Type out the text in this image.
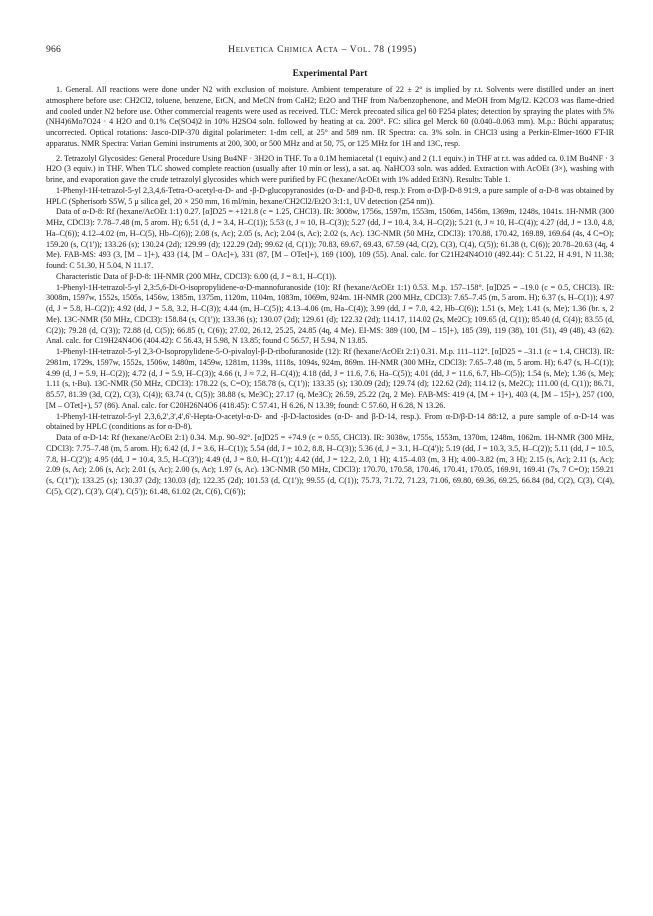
966	Helvetica Chimica Acta – Vol. 78 (1995)
Experimental Part

1. General. All reactions were done under N2 with exclusion of moisture. Ambient temperature of 22 ± 2° is implied by r.t. Solvents were distilled under an inert atmosphere before use: CH2Cl2, toluene, benzene, EtCN, and MeCN from CaH2; Et2O and THF from Na/benzophenone, and MeOH from Mg/I2. K2CO3 was flame-dried and cooled under N2 before use. Other commercial reagents were used as received. TLC: Merck precoated silica gel 60 F254 plates; detection by spraying the plates with 5% (NH4)6Mo7O24 · 4 H2O and 0.1% Ce(SO4)2 in 10% H2SO4 soln. followed by heating at ca. 200°. FC: silica gel Merck 60 (0.040–0.063 mm). M.p.: Büchi apparatus; uncorrected. Optical rotations: Jasco-DIP-370 digital polarimeter: 1-dm cell, at 25° and 589 nm. IR Spectra: ca. 3% soln. in CHCl3 using a Perkin-Elmer-1600 FT-IR apparatus. NMR Spectra: Varian Gemini instruments at 200, 300, or 500 MHz and at 50, 75, or 125 MHz for 1H and 13C, resp.

2. Tetrazolyl Glycosides: General Procedure Using Bu4NF · 3H2O in THF. To a 0.1M hemiacetal (1 equiv.) and 2 (1.1 equiv.) in THF at r.t. was added ca. 0.1M Bu4NF · 3 H2O (3 equiv.) in THF. When TLC showed complete reaction (usually after 10 min or less), a sat. aq. NaHCO3 soln. was added. Extraction with AcOEt (3×), washing with brine, and evaporation gave the crude tetrazolyl glycosides which were purified by FC (hexane/AcOEt with 1% added Et3N). Results: Table 1.

1-Phenyl-1H-tetrazol-5-yl 2,3,4,6-Tetra-O-acetyl-α-D- and -β-D-glucopyranosides (α-D- and β-D-8, resp.): From α-D/β-D-8 91:9, a pure sample of α-D-8 was obtained by HPLC (Spherisorb S5W, 5 μ silica gel, 20 × 250 mm, 16 ml/min, hexane/CH2Cl2/Et2O 3:1:1, UV detection (254 nm)).

Data of α-D-8: Rf (hexane/AcOEt 1:1) 0.27. [α]D25 = +121.8 (c = 1.25, CHCl3). IR: 3008w, 1756s, 1597m, 1553m, 1506m, 1456m, 1369m, 1248s, 1041s. 1H-NMR (300 MHz, CDCl3): 7.78–7.48 (m, 5 arom. H); 6.51 (d, J = 3.4, H–C(1)); 5.53 (t, J ≈ 10, H–C(3)); 5.27 (dd, J = 10.4, 3.4, H–C(2)); 5.21 (t, J ≈ 10, H–C(4)); 4.27 (dd, J = 13.0, 4.8, Ha–C(6)); 4.12–4.02 (m, H–C(5), Hb–C(6)); 2.08 (s, Ac); 2.05 (s, Ac); 2.04 (s, Ac); 2.02 (s, Ac). 13C-NMR (50 MHz, CDCl3): 170.88, 170.42, 169.89, 169.64 (4s, 4 C=O); 159.20 (s, C(1')); 133.26 (s); 130.24 (2d); 129.99 (d); 122.29 (2d); 99.62 (d, C(1)); 70.83, 69.67, 69.43, 67.59 (4d, C(2), C(3), C(4), C(5)); 61.38 (t, C(6)); 20.78–20.63 (4q, 4 Me). FAB-MS: 493 (3, [M – 1]+), 433 (14, [M – OAc]+), 331 (87, [M – OTet]+), 169 (100), 109 (55). Anal. calc. for C21H24N4O10 (492.44): C 51.22, H 4.91, N 11.38; found: C 51.30, H 5.04, N 11.17.

Characteristic Data of β-D-8: 1H-NMR (200 MHz, CDCl3): 6.00 (d, J = 8.1, H–C(1)).

1-Phenyl-1H-tetrazol-5-yl 2,3:5,6-Di-O-isopropylidene-α-D-mannofuranoside (10): Rf (hexane/AcOEt 1:1) 0.53. M.p. 157–158°. [α]D25 = –19.0 (c = 0.5, CHCl3). IR: 3008m, 1597w, 1552s, 1505s, 1456w, 1385m, 1375m, 1120m, 1104m, 1083m, 1069m, 924m. 1H-NMR (200 MHz, CDCl3): 7.65–7.45 (m, 5 arom. H); 6.37 (s, H–C(1)); 4.97 (d, J = 5.8, H–C(2)); 4.92 (dd, J = 5.8, 3.2, H–C(3)); 4.44 (m, H–C(5)); 4.13–4.06 (m, Ha–C(4)); 3.99 (dd, J = 7.0, 4.2, Hb–C(6)); 1.51 (s, Me); 1.41 (s, Me); 1.36 (br. s, 2 Me). 13C-NMR (50 MHz, CDCl3): 158.84 (s, C(1')); 133.36 (s); 130.07 (2d); 129.61 (d); 122.32 (2d); 114.17, 114.02 (2s, Me2C); 109.65 (d, C(1)); 85.40 (d, C(4)); 83.55 (d, C(2)); 79.28 (d, C(3)); 72.88 (d, C(5)); 66.85 (t, C(6)); 27.02, 26.12, 25.25, 24.85 (4q, 4 Me). EI-MS: 389 (100, [M – 15]+), 185 (39), 119 (38), 101 (51), 49 (48), 43 (62). Anal. calc. for C19H24N4O6 (404.42): C 56.43, H 5.98, N 13.85; found C 56.57, H 5.94, N 13.85.

1-Phenyl-1H-tetrazol-5-yl 2,3-O-Isopropylidene-5-O-pivaloyl-β-D-ribofuranoside (12): Rf (hexane/AcOEt 2:1) 0.31. M.p. 111–112°. [α]D25 = –31.1 (c = 1.4, CHCl3). IR: 2981m, 1729s, 1597w, 1552s, 1506w, 1480m, 1459w, 1281m, 1139s, 1118s, 1094s, 924m, 869m. 1H-NMR (300 MHz, CDCl3): 7.65–7.48 (m, 5 arom. H); 6.47 (s, H–C(1)); 4.99 (d, J = 5.9, H–C(2)); 4.72 (d, J = 5.9, H–C(3)); 4.66 (t, J ≈ 7.2, H–C(4)); 4.18 (dd, J = 11.6, 7.6, Ha–C(5)); 4.01 (dd, J = 11.6, 6.7, Hb–C(5)); 1.54 (s, Me); 1.36 (s, Me); 1.11 (s, t-Bu). 13C-NMR (50 MHz, CDCl3): 178.22 (s, C=O); 158.78 (s, C(1')); 133.35 (s); 130.09 (2d); 129.74 (d); 122.62 (2d); 114.12 (s, Me2C); 111.00 (d, C(1)); 86.71, 85.57, 81.39 (3d, C(2), C(3), C(4)); 63.74 (t, C(5)); 38.88 (s, Me3C); 27.17 (q, Me3C); 26.59, 25.22 (2q, 2 Me). FAB-MS: 419 (4, [M + 1]+), 403 (4, [M – 15]+), 257 (100, [M – OTet]+), 57 (86). Anal. calc. for C20H26N4O6 (418.45): C 57.41, H 6.26, N 13.39; found: C 57.60, H 6.28, N 13.26.

1-Phenyl-1H-tetrazol-5-yl 2,3,6,2',3',4',6'-Hepta-O-acetyl-α-D- and -β-D-lactosides (α-D- and β-D-14, resp.). From α-D/β-D-14 88:12, a pure sample of α-D-14 was obtained by HPLC (conditions as for α-D-8).

Data of α-D-14: Rf (hexane/AcOEt 2:1) 0.34. M.p. 90–92°. [α]D25 = +74.9 (c = 0.55, CHCl3). IR: 3038w, 1755s, 1553m, 1370m, 1248m, 1062m. 1H-NMR (300 MHz, CDCl3): 7.75–7.48 (m, 5 arom. H); 6.42 (d, J = 3.6, H–C(1)); 5.54 (dd, J = 10.2, 8.8, H–C(3)); 5.36 (d, J = 3.1, H–C(4')); 5.19 (dd, J = 10.3, 3.5, H–C(2)); 5.11 (dd, J = 10.5, 7.8, H–C(2')); 4.95 (dd, J = 10.4, 3.5, H–C(3')); 4.49 (d, J = 8.0, H–C(1')); 4.42 (dd, J = 12.2, 2.0, 1 H); 4.15–4.03 (m, 3 H); 4.00–3.82 (m, 3 H); 2.15 (s, Ac); 2.11 (s, Ac); 2.09 (s, Ac); 2.06 (s, Ac); 2.01 (s, Ac); 2.00 (s, Ac); 1.97 (s, Ac). 13C-NMR (50 MHz, CDCl3): 170.70, 170.58, 170.46, 170.41, 170.05, 169.91, 169.41 (7s, 7 C=O); 159.21 (s, C(1'')); 133.25 (s); 130.37 (2d); 130.03 (d); 122.35 (2d); 101.53 (d, C(1')); 99.55 (d, C(1)); 75.73, 71.72, 71.23, 71.06, 69.80, 69.36, 69.25, 66.84 (8d, C(2), C(3), C(4), C(5), C(2'), C(3'), C(4'), C(5')); 61.48, 61.02 (2t, C(6), C(6'));
